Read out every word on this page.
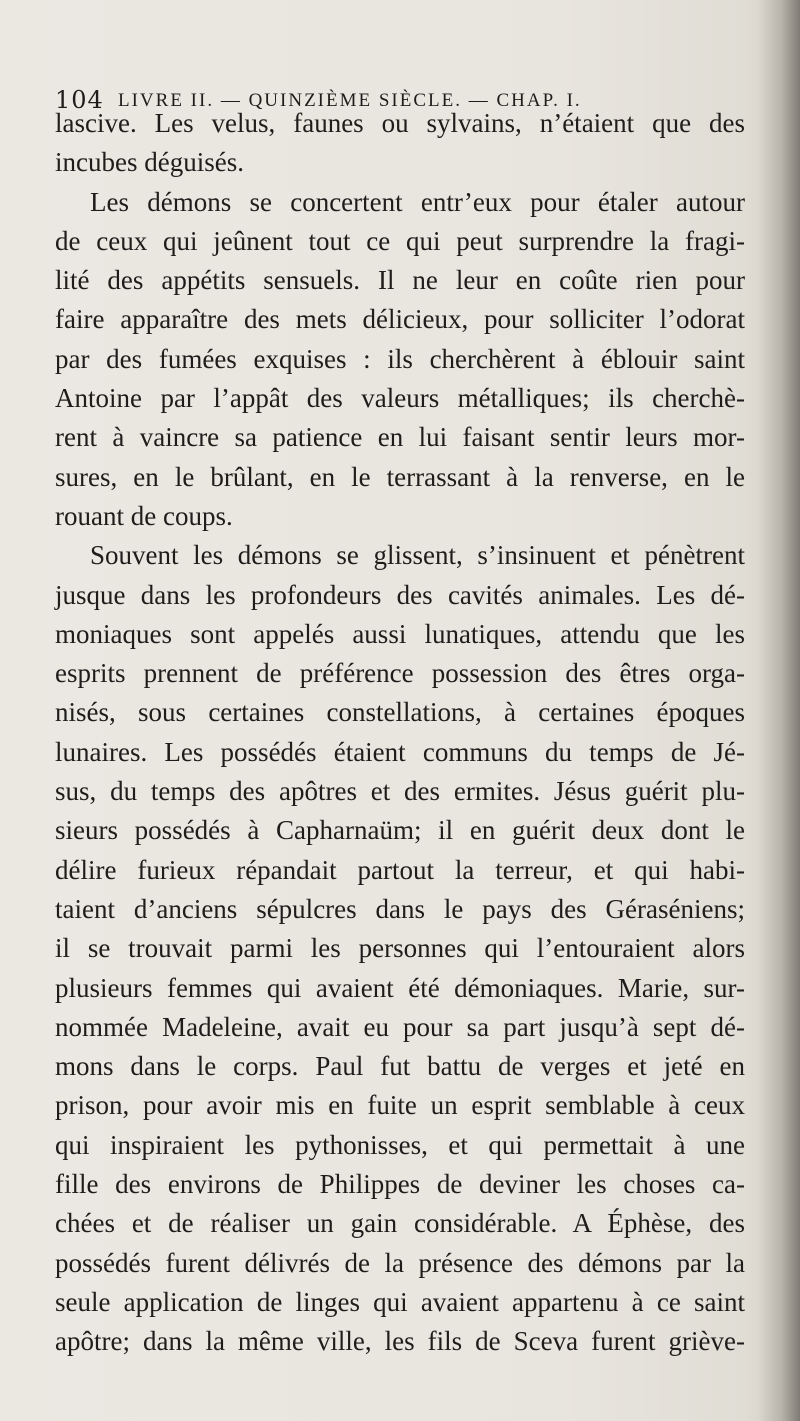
104 LIVRE II. — QUINZIÈME SIÈCLE. — CHAP. I.
lascive. Les velus, faunes ou sylvains, n’étaient que des
incubes déguisés.
Les démons se concertent entr’eux pour étaler autour
de ceux qui jeûnent tout ce qui peut surprendre la fragi-
lité des appétits sensuels. Il ne leur en coûte rien pour
faire apparaître des mets délicieux, pour solliciter l’odorat
par des fumées exquises : ils cherchèrent à éblouir saint
Antoine par l’appât des valeurs métalliques; ils cherchè-
rent à vaincre sa patience en lui faisant sentir leurs mor-
sures, en le brûlant, en le terrassant à la renverse, en le
rouant de coups.
Souvent les démons se glissent, s’insinuent et pénètrent
jusque dans les profondeurs des cavités animales. Les dé-
moniaques sont appelés aussi lunatiques, attendu que les
esprits prennent de préférence possession des êtres orga-
nisés, sous certaines constellations, à certaines époques
lunaires. Les possédés étaient communs du temps de Jé-
sus, du temps des apôtres et des ermites. Jésus guérit plu-
sieurs possédés à Capharnaüm; il en guérit deux dont le
délire furieux répandait partout la terreur, et qui habi-
taient d’anciens sépulcres dans le pays des Géraséniens;
il se trouvait parmi les personnes qui l’entouraient alors
plusieurs femmes qui avaient été démoniaques. Marie, sur-
nommée Madeleine, avait eu pour sa part jusqu’à sept dé-
mons dans le corps. Paul fut battu de verges et jeté en
prison, pour avoir mis en fuite un esprit semblable à ceux
qui inspiraient les pythonisses, et qui permettait à une
fille des environs de Philippes de deviner les choses ca-
chées et de réaliser un gain considérable. A Éphèse, des
possédés furent délivrés de la présence des démons par la
seule application de linges qui avaient appartenu à ce saint
apôtre; dans la même ville, les fils de Sceva furent griève-
